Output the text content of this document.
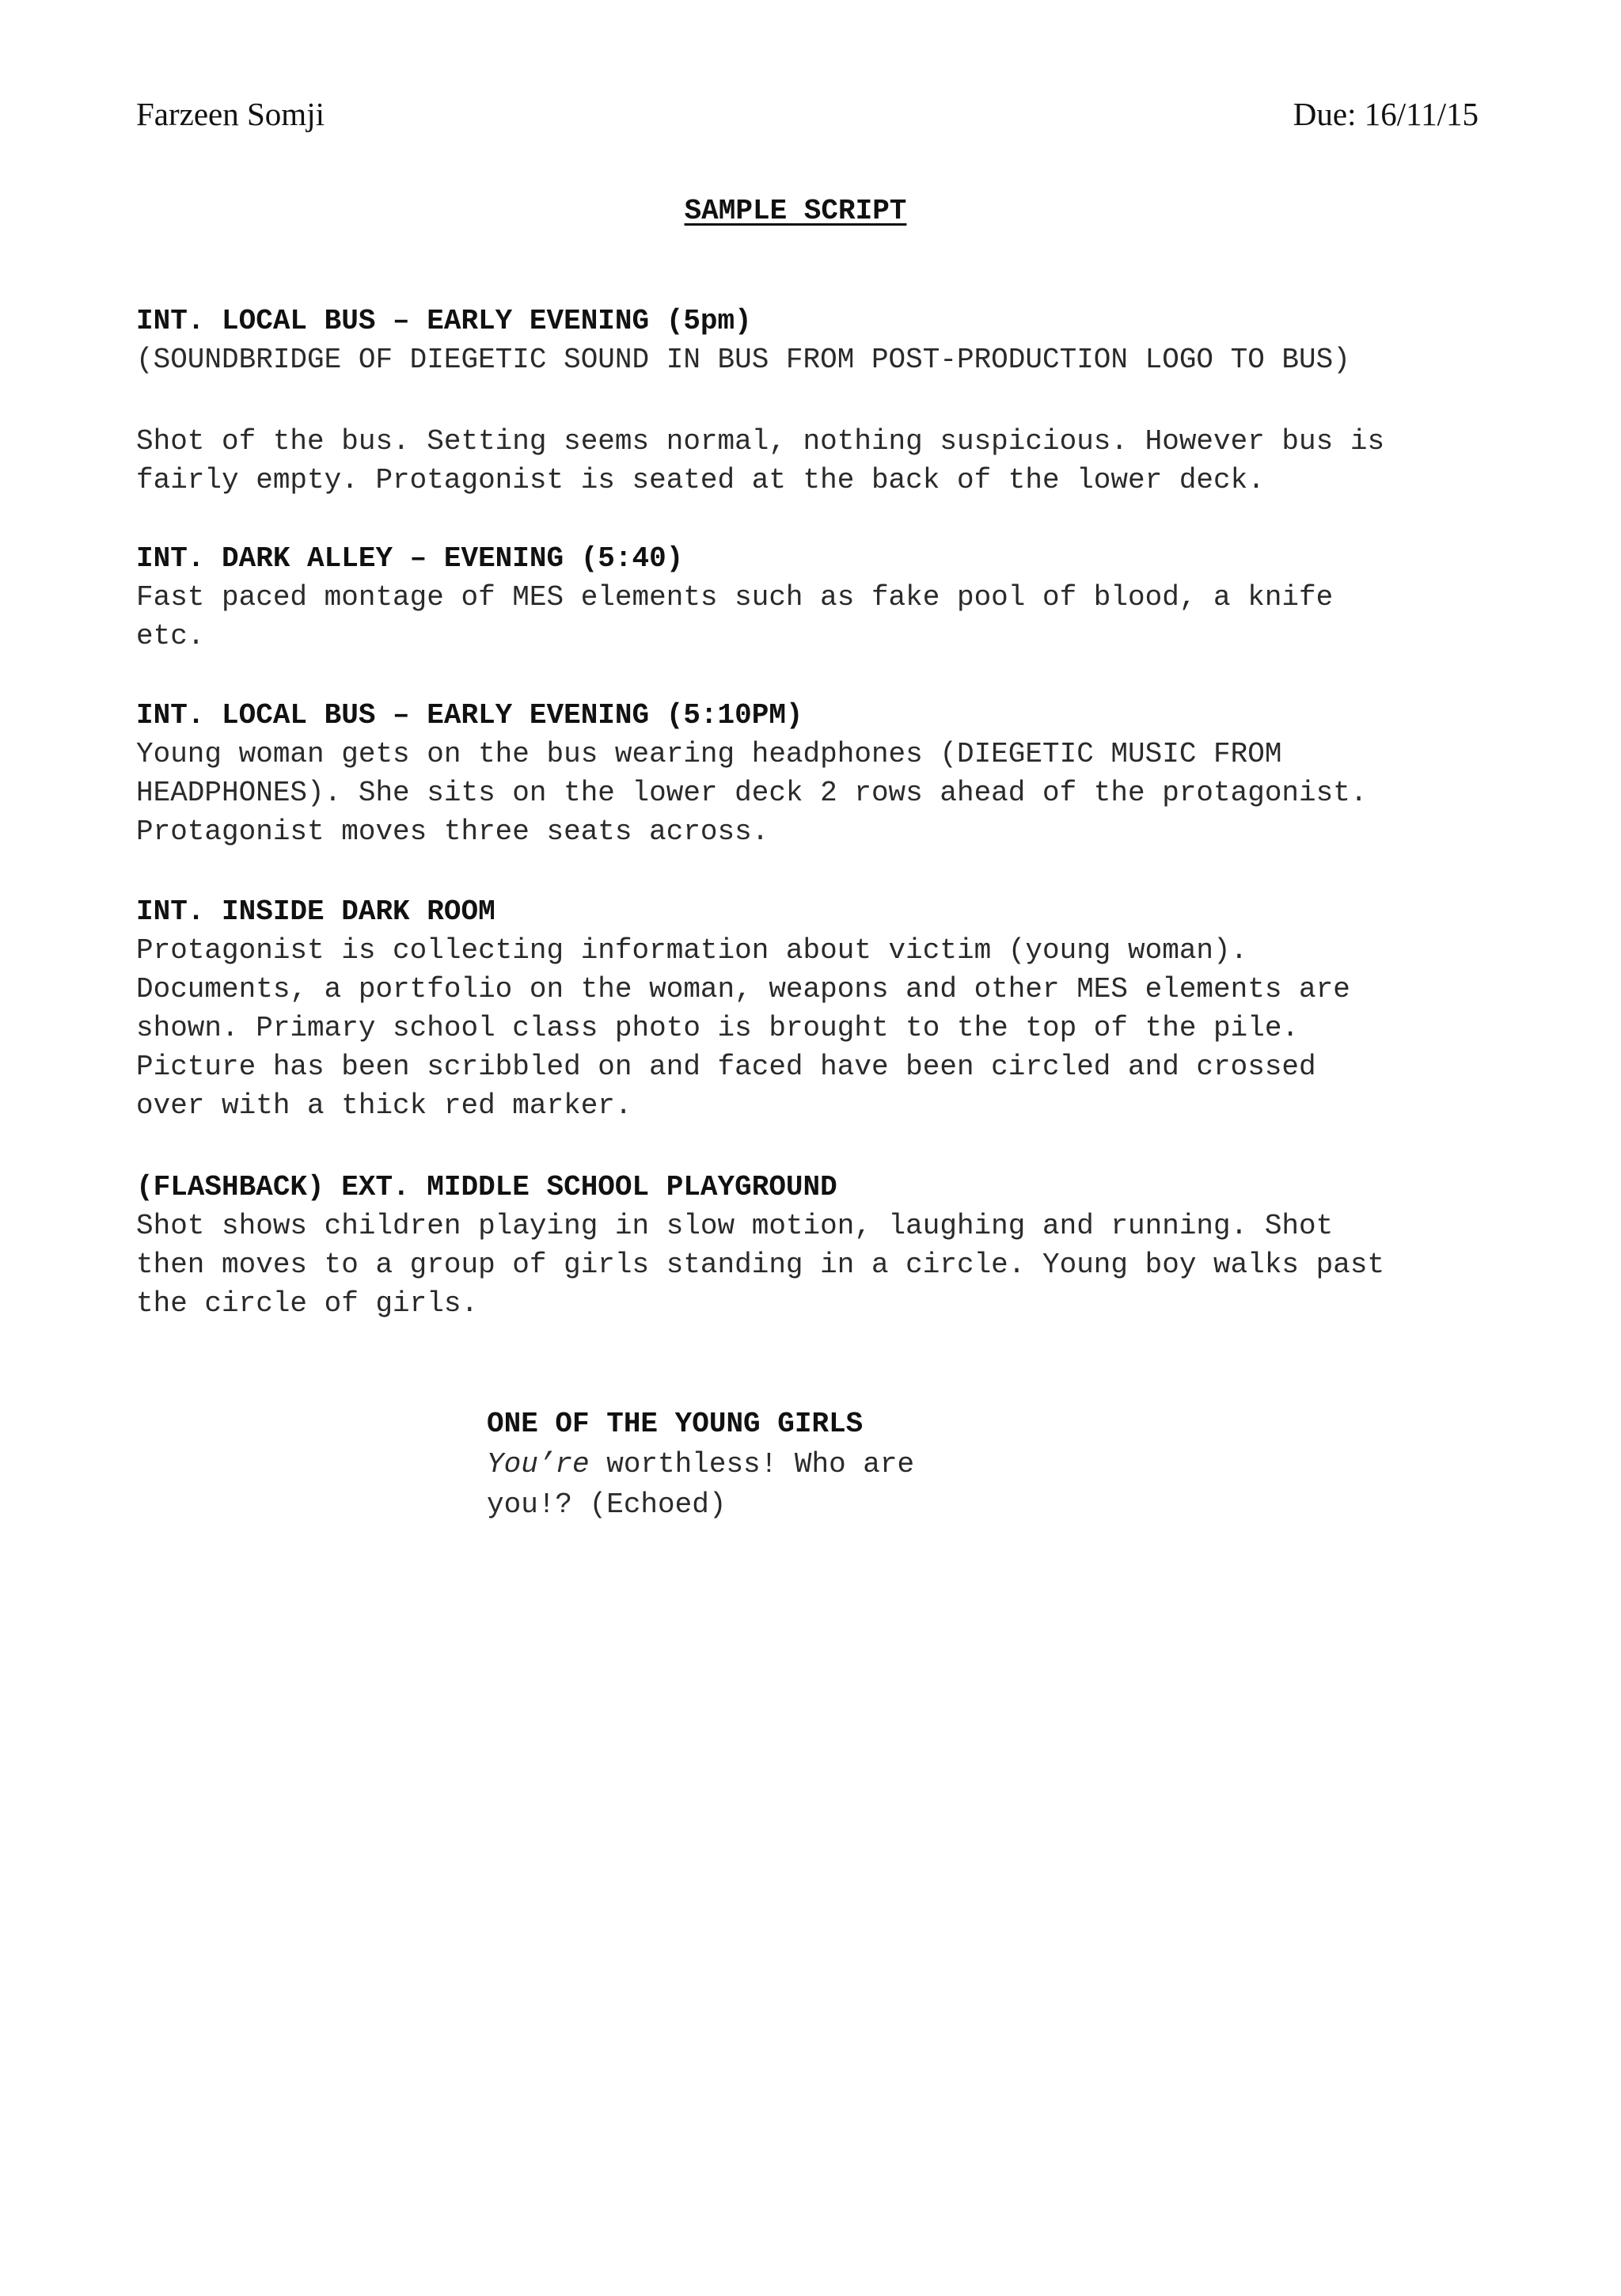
Farzeen Somji	Due: 16/11/15
SAMPLE SCRIPT

INT. LOCAL BUS – EARLY EVENING (5pm)
(SOUNDBRIDGE OF DIEGETIC SOUND IN BUS FROM POST-PRODUCTION LOGO TO BUS)

Shot of the bus. Setting seems normal, nothing suspicious. However bus is
fairly empty. Protagonist is seated at the back of the lower deck.

INT. DARK ALLEY – EVENING (5:40)
Fast paced montage of MES elements such as fake pool of blood, a knife
etc.

INT. LOCAL BUS – EARLY EVENING (5:10PM)
Young woman gets on the bus wearing headphones (DIEGETIC MUSIC FROM
HEADPHONES). She sits on the lower deck 2 rows ahead of the protagonist.
Protagonist moves three seats across.

INT. INSIDE DARK ROOM
Protagonist is collecting information about victim (young woman).
Documents, a portfolio on the woman, weapons and other MES elements are
shown. Primary school class photo is brought to the top of the pile.
Picture has been scribbled on and faced have been circled and crossed
over with a thick red marker.

(FLASHBACK) EXT. MIDDLE SCHOOL PLAYGROUND
Shot shows children playing in slow motion, laughing and running. Shot
then moves to a group of girls standing in a circle. Young boy walks past
the circle of girls.

ONE OF THE YOUNG GIRLS
You’re worthless! Who are
you!? (Echoed)
